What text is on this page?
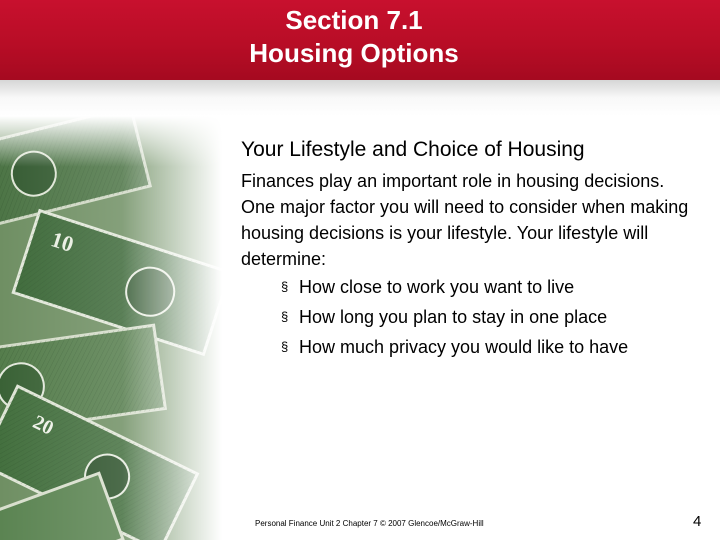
Section 7.1

Housing Options

Your Lifestyle and Choice of Housing

Finances play an important role in housing decisions.

One major factor you will need to consider when making housing decisions is your lifestyle. Your lifestyle will determine:

§ How close to work you want to live
§ How long you plan to stay in one place
§ How much privacy you would like to have
Personal Finance Unit 2 Chapter 7 © 2007 Glencoe/McGraw-Hill	4
